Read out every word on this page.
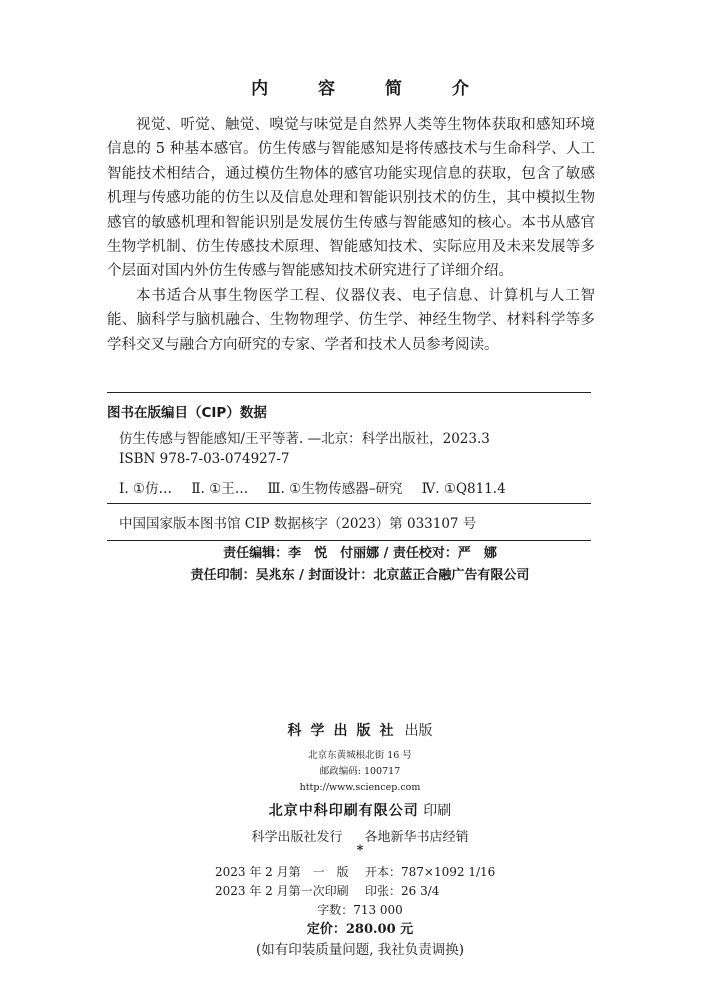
内 容 简 介

视觉、听觉、触觉、嗅觉与味觉是自然界人类等生物体获取和感知环境信息的 5 种基本感官。仿生传感与智能感知是将传感技术与生命科学、人工智能技术相结合，通过模仿生物体的感官功能实现信息的获取，包含了敏感机理与传感功能的仿生以及信息处理和智能识别技术的仿生，其中模拟生物感官的敏感机理和智能识别是发展仿生传感与智能感知的核心。本书从感官生物学机制、仿生传感技术原理、智能感知技术、实际应用及未来发展等多个层面对国内外仿生传感与智能感知技术研究进行了详细介绍。

本书适合从事生物医学工程、仪器仪表、电子信息、计算机与人工智能、脑科学与脑机融合、生物物理学、仿生学、神经生物学、材料科学等多学科交叉与融合方向研究的专家、学者和技术人员参考阅读。

图书在版编目（CIP）数据
仿生传感与智能感知/王平等著. —北京：科学出版社，2023.3
ISBN 978-7-03-074927-7
Ⅰ. ①仿… Ⅱ. ①王… Ⅲ. ①生物传感器–研究 Ⅳ. ①Q811.4
中国国家版本图书馆 CIP 数据核字（2023）第 033107 号
责任编辑：李　悦　付丽娜 / 责任校对：严　娜
责任印制：吴兆东 / 封面设计：北京蓝正合融广告有限公司
科学出版社 出版
北京东黄城根北街 16 号
邮政编码: 100717
http://www.sciencep.com
北京中科印刷有限公司 印刷
科学出版社发行 各地新华书店经销
*
2023 年 2 月第　一　版 开本：787×1092 1/16
2023 年 2 月第一次印刷 印张：26 3/4
字数：713 000
定价：280.00 元
(如有印装质量问题, 我社负责调换)
